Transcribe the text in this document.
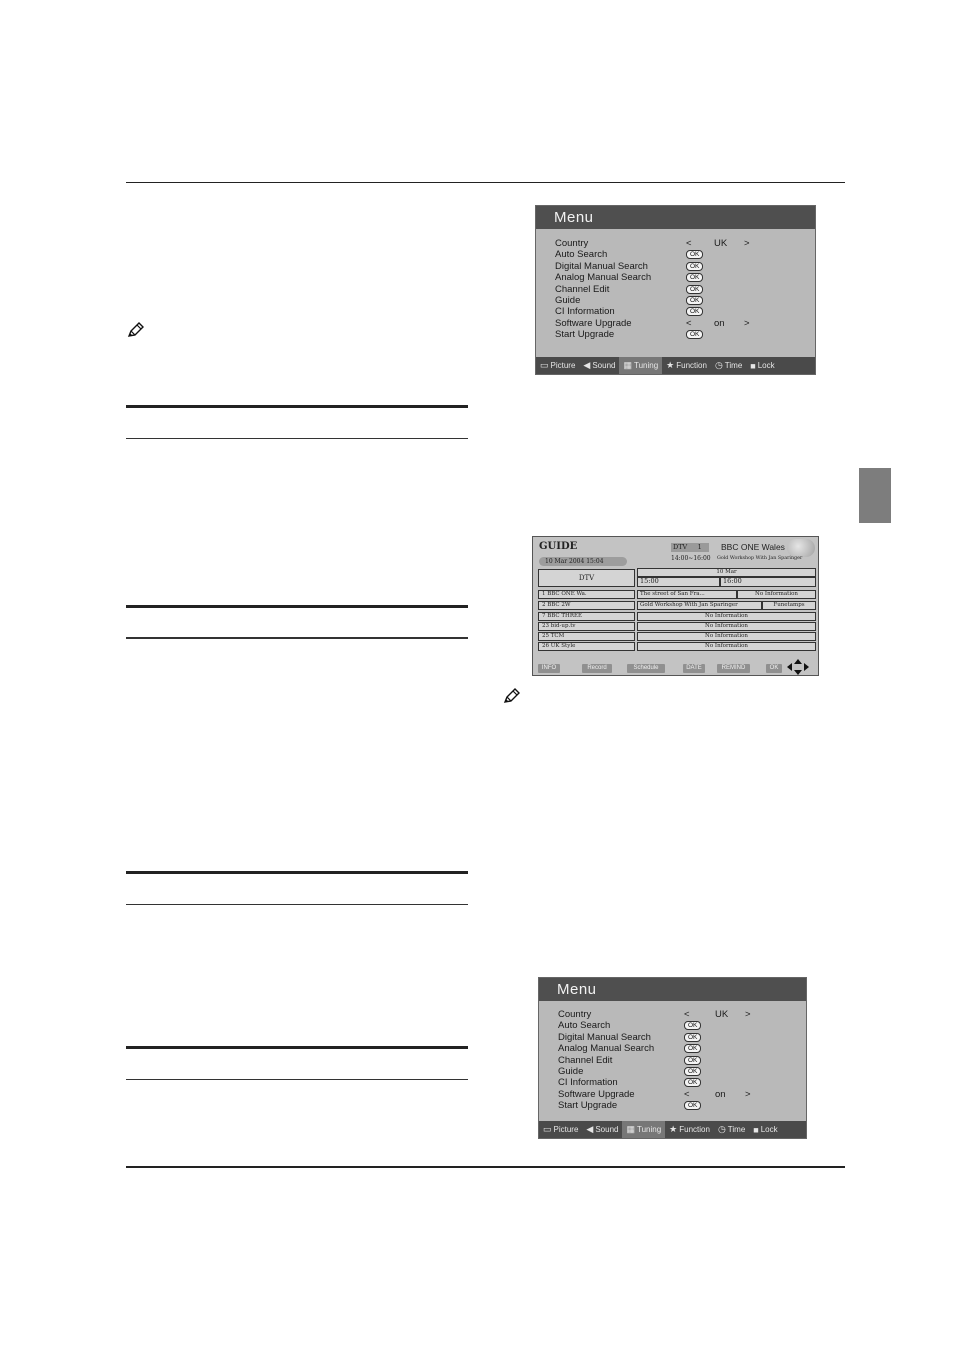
Menu
Country	< UK >
Auto Search	OK
Digital Manual Search	OK
Analog Manual Search	OK
Channel Edit	OK
Guide	OK
CI Information	OK
Software Upgrade	< on >
Start Upgrade	OK
▭ Picture ◀ Sound ▦ Tuning ★ Function ◷ Time ■ Lock
GUIDE
10 Mar 2004 15:04
DTV 1	BBC ONE Wales
14:00~16:00 Gold Workshop With Jan Sparinger
DTV
10 Mar
15:00	16:00
1 BBC ONE Wa.	The street of San Fra...	No Information
2 BBC 2W	Gold Workshop With Jan Sparinger	Funetamps
7 BBC THREE	No Information
23 bid-up.tv	No Information
25 TCM	No Information
26 UK Style	No Information
INFO	Record	Schedule	DATE	REMIND	OK
Menu
Country	<	UK >
Auto Search	OK
Digital Manual Search	OK
Analog Manual Search	OK
Channel Edit	OK
Guide	OK
CI Information	OK
Software Upgrade	<	on >
Start Upgrade	OK
▭ Picture ◀ Sound ▦ Tuning ★ Function ◷ Time ■ Lock
